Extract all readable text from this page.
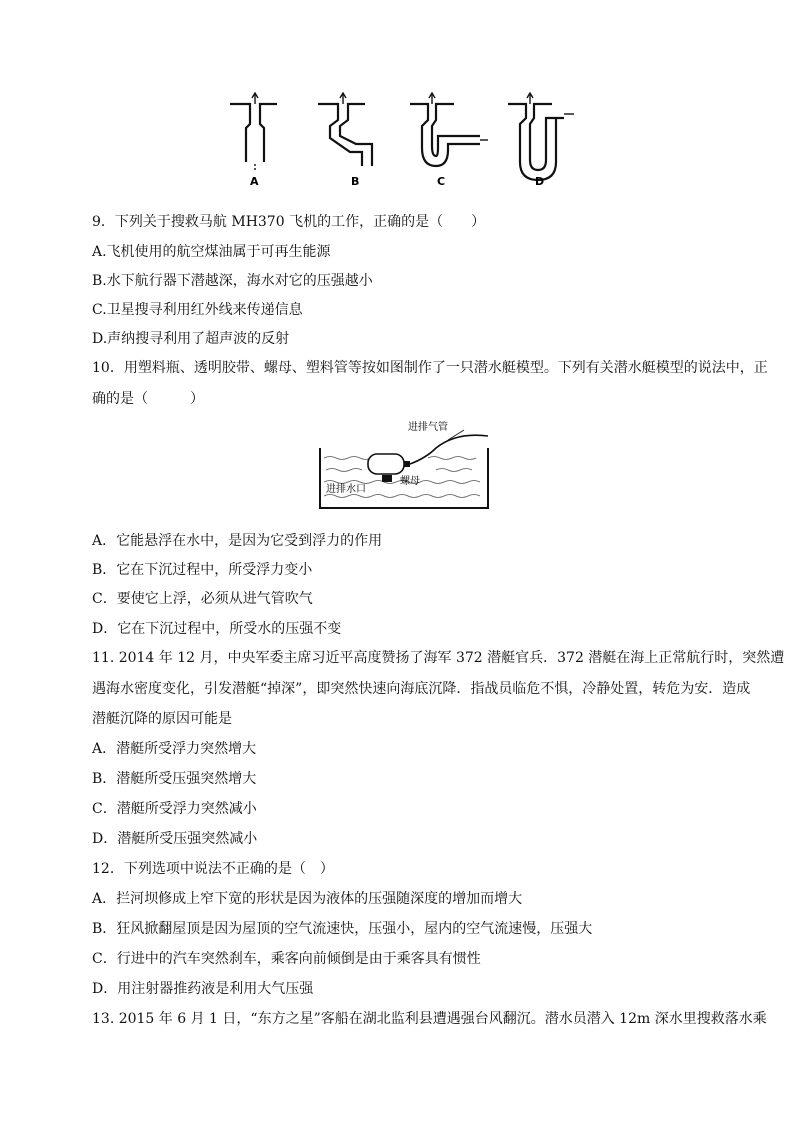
A	B	C	D
9．下列关于搜救马航 MH370 飞机的工作，正确的是（　　）
A.飞机使用的航空煤油属于可再生能源
B.水下航行器下潜越深，海水对它的压强越小
C.卫星搜寻利用红外线来传递信息
D.声纳搜寻利用了超声波的反射
10．用塑料瓶、透明胶带、螺母、塑料管等按如图制作了一只潜水艇模型。下列有关潜水艇模型的说法中，正
确的是（　　　）
进排气管
进排水口
螺母
A．它能悬浮在水中，是因为它受到浮力的作用
B．它在下沉过程中，所受浮力变小
C．要使它上浮，必须从进气管吹气
D．它在下沉过程中，所受水的压强不变
11. 2014 年 12 月，中央军委主席习近平高度赞扬了海军 372 潜艇官兵．372 潜艇在海上正常航行时，突然遭
遇海水密度变化，引发潜艇“掉深”，即突然快速向海底沉降．指战员临危不惧，冷静处置，转危为安．造成
潜艇沉降的原因可能是
A．潜艇所受浮力突然增大
B．潜艇所受压强突然增大
C．潜艇所受浮力突然减小
D．潜艇所受压强突然减小
12．下列选项中说法不正确的是（　）
A．拦河坝修成上窄下宽的形状是因为液体的压强随深度的增加而增大
B．狂风掀翻屋顶是因为屋顶的空气流速快，压强小，屋内的空气流速慢，压强大
C．行进中的汽车突然刹车，乘客向前倾倒是由于乘客具有惯性
D．用注射器推药液是利用大气压强
13. 2015 年 6 月 1 日，“东方之星”客船在湖北监利县遭遇强台风翻沉。潜水员潜入 12m 深水里搜救落水乘
